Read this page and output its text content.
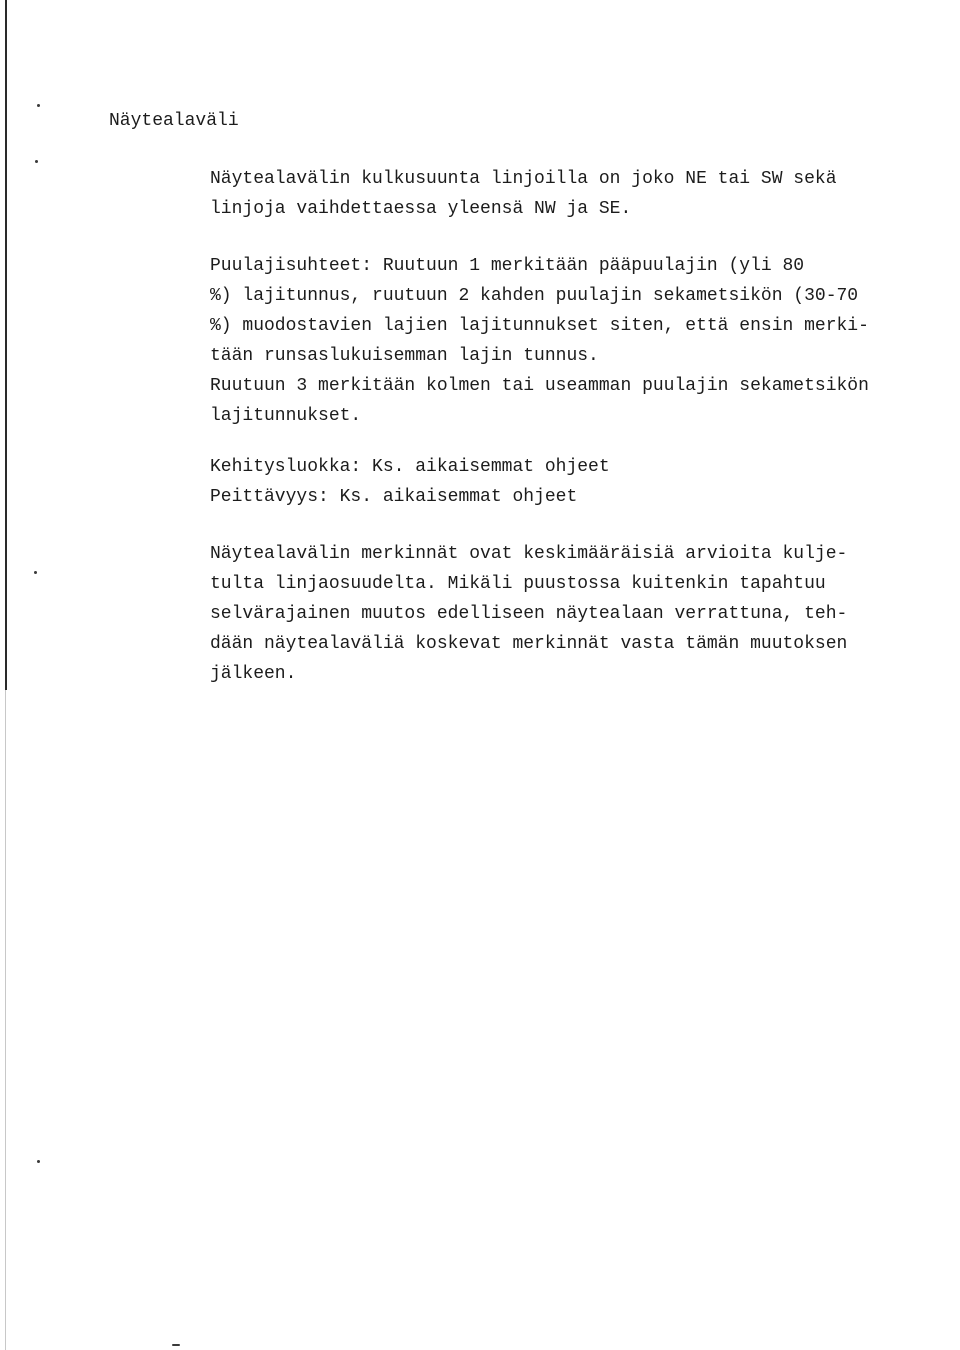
Näytealaväli

Näytealavälin kulkusuunta linjoilla on joko NE tai SW sekä
linjoja vaihdettaessa yleensä NW ja SE.

Puulajisuhteet: Ruutuun 1 merkitään pääpuulajin (yli 80
%) lajitunnus, ruutuun 2 kahden puulajin sekametsikön (30-70
%) muodostavien lajien lajitunnukset siten, että ensin merki-
tään runsaslukuisemman lajin tunnus.
Ruutuun 3 merkitään kolmen tai useamman puulajin sekametsikön
lajitunnukset.

Kehitysluokka: Ks. aikaisemmat ohjeet
Peittävyys: Ks. aikaisemmat ohjeet

Näytealavälin merkinnät ovat keskimääräisiä arvioita kulje-
tulta linjaosuudelta. Mikäli puustossa kuitenkin tapahtuu
selvärajainen muutos edelliseen näytealaan verrattuna, teh-
dään näytealaväliä koskevat merkinnät vasta tämän muutoksen
jälkeen.
